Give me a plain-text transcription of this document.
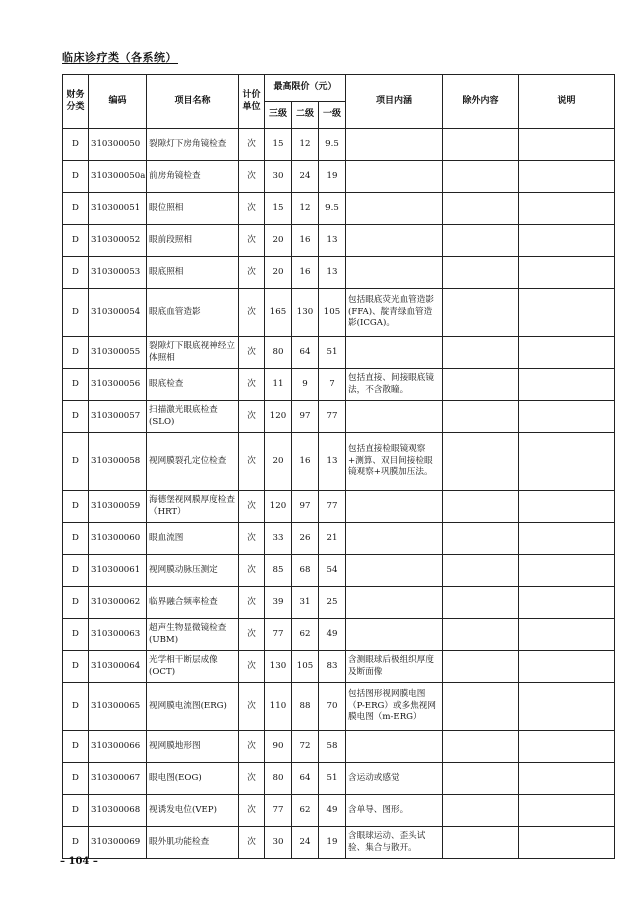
临床诊疗类（各系统）
财务分类	编码	项目名称	计价单位	最高限价（元）			项目内涵	除外内容	说明
				三级	二级	一级			
D	310300050	裂隙灯下房角镜检查	次	15	12	9.5			
D	310300050a	前房角镜检查	次	30	24	19			
D	310300051	眼位照相	次	15	12	9.5			
D	310300052	眼前段照相	次	20	16	13			
D	310300053	眼底照相	次	20	16	13			
D	310300054	眼底血管造影	次	165	130	105	包括眼底荧光血管造影(FFA)、靛青绿血管造影(ICGA)。		
D	310300055	裂隙灯下眼底视神经立体照相	次	80	64	51			
D	310300056	眼底检查	次	11	9	7	包括直接、间接眼底镜法，不含散瞳。		
D	310300057	扫描激光眼底检查(SLO)	次	120	97	77			
D	310300058	视网膜裂孔定位检查	次	20	16	13	包括直接检眼镜观察+测算、双目间接检眼镜观察+巩膜加压法。		
D	310300059	海德堡视网膜厚度检查（HRT）	次	120	97	77			
D	310300060	眼血流图	次	33	26	21			
D	310300061	视网膜动脉压测定	次	85	68	54			
D	310300062	临界融合频率检查	次	39	31	25			
D	310300063	超声生物显微镜检查(UBM)	次	77	62	49			
D	310300064	光学相干断层成像(OCT)	次	130	105	83	含测眼球后极组织厚度及断面像		
D	310300065	视网膜电流图(ERG)	次	110	88	70	包括图形视网膜电图（P-ERG）或多焦视网膜电图（m-ERG）		
D	310300066	视网膜地形图	次	90	72	58			
D	310300067	眼电图(EOG)	次	80	64	51	含运动或感觉		
D	310300068	视诱发电位(VEP)	次	77	62	49	含单导、图形。		
D	310300069	眼外肌功能检查	次	30	24	19	含眼球运动、歪头试验、集合与散开。		
– 104 –
